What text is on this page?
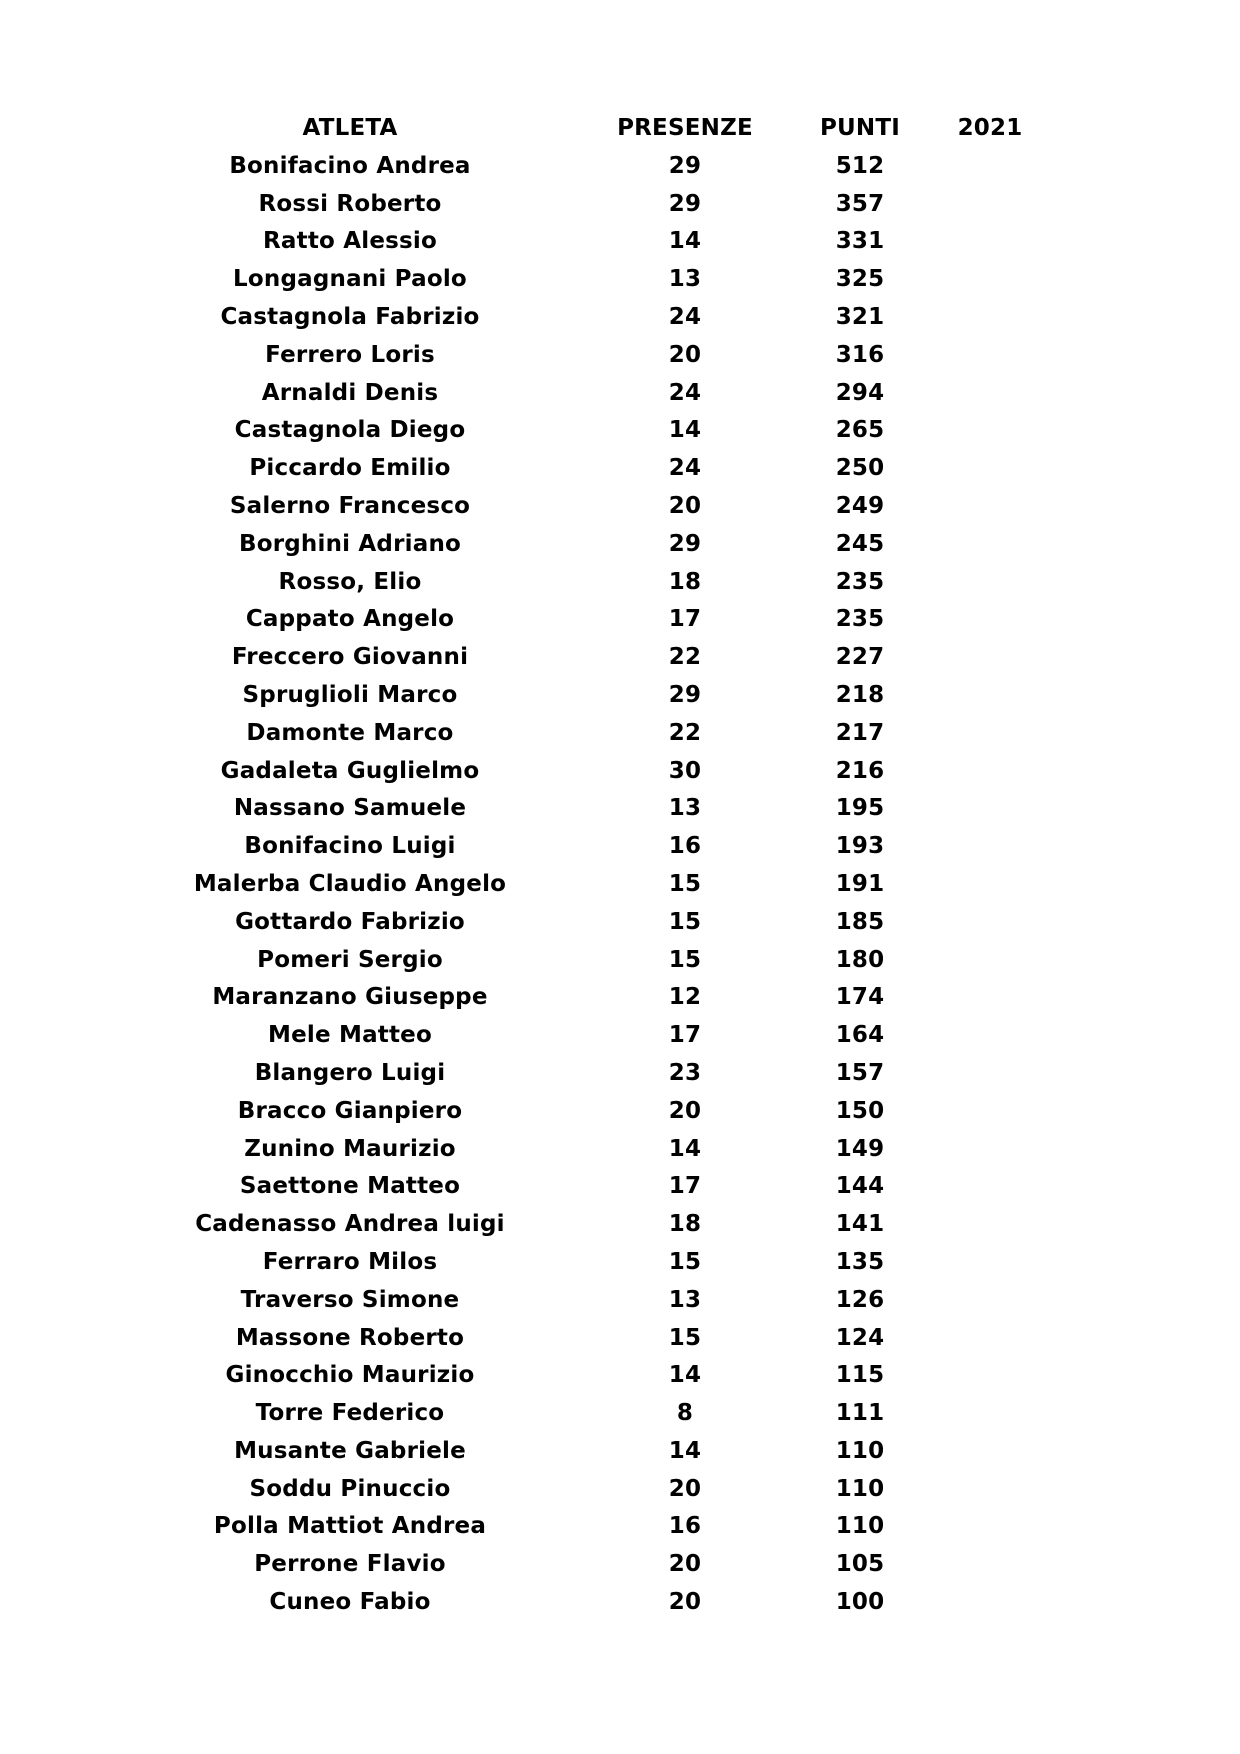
ATLETA	PRESENZE	PUNTI	2021
Bonifacino Andrea	29	512
Rossi Roberto	29	357
Ratto Alessio	14	331
Longagnani Paolo	13	325
Castagnola Fabrizio	24	321
Ferrero Loris	20	316
Arnaldi Denis	24	294
Castagnola Diego	14	265
Piccardo Emilio	24	250
Salerno Francesco	20	249
Borghini Adriano	29	245
Rosso, Elio	18	235
Cappato Angelo	17	235
Freccero Giovanni	22	227
Spruglioli Marco	29	218
Damonte Marco	22	217
Gadaleta Guglielmo	30	216
Nassano Samuele	13	195
Bonifacino Luigi	16	193
Malerba Claudio Angelo	15	191
Gottardo Fabrizio	15	185
Pomeri Sergio	15	180
Maranzano Giuseppe	12	174
Mele Matteo	17	164
Blangero Luigi	23	157
Bracco Gianpiero	20	150
Zunino Maurizio	14	149
Saettone Matteo	17	144
Cadenasso Andrea luigi	18	141
Ferraro Milos	15	135
Traverso Simone	13	126
Massone Roberto	15	124
Ginocchio Maurizio	14	115
Torre Federico	8	111
Musante Gabriele	14	110
Soddu Pinuccio	20	110
Polla Mattiot Andrea	16	110
Perrone Flavio	20	105
Cuneo Fabio	20	100
